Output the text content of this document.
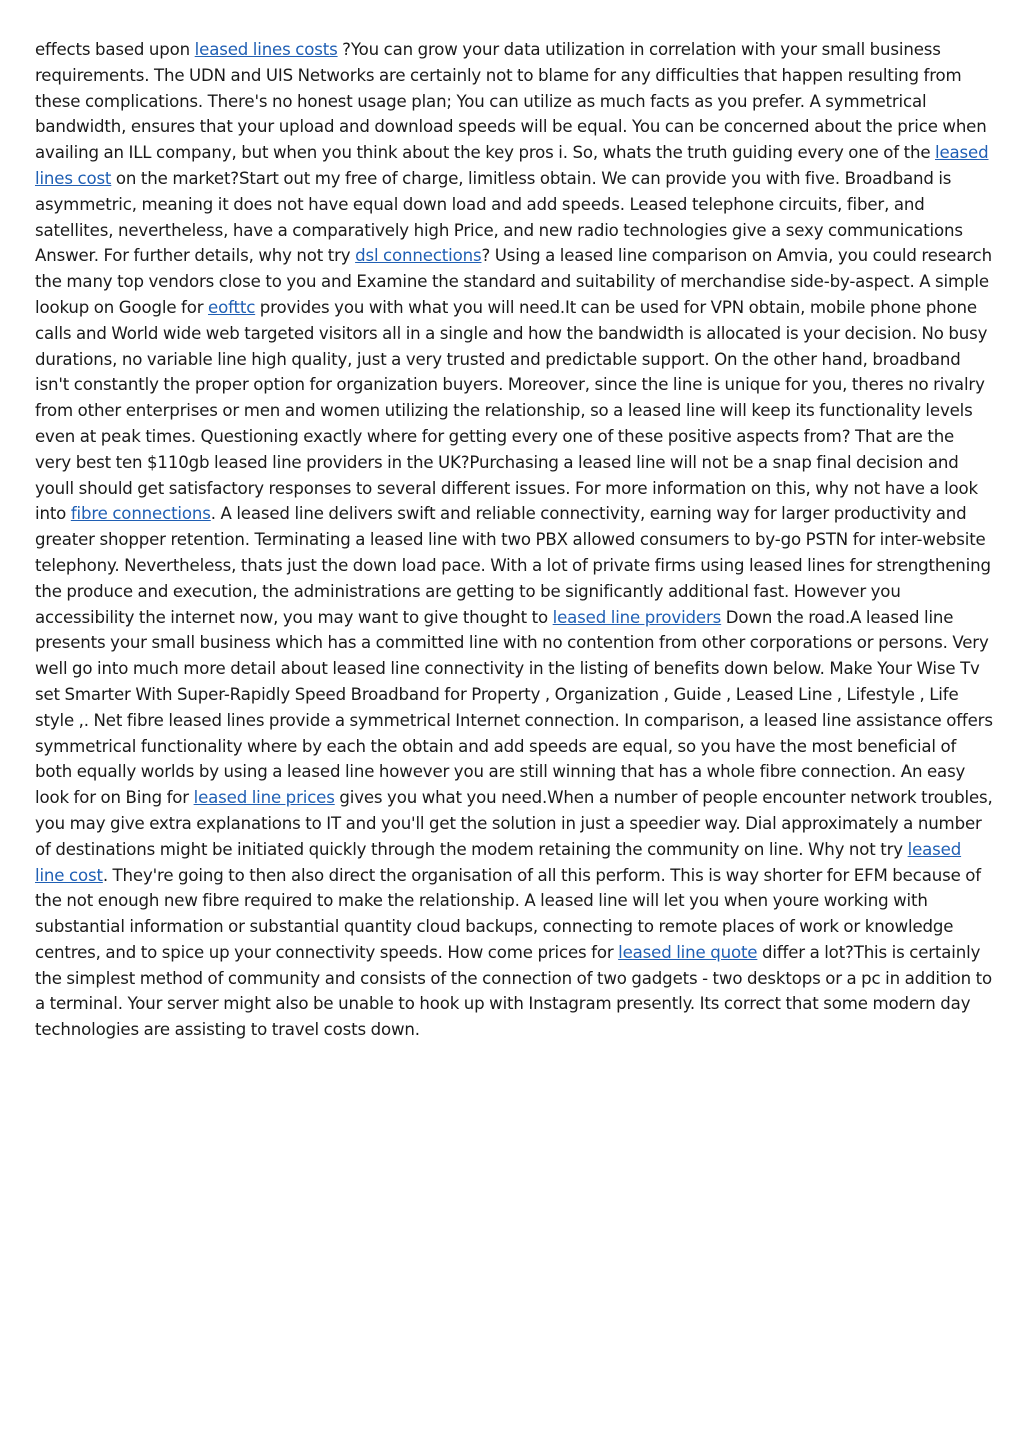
effects based upon leased lines costs ?You can grow your data utilization in correlation with your small business requirements. The UDN and UIS Networks are certainly not to blame for any difficulties that happen resulting from these complications. There's no honest usage plan; You can utilize as much facts as you prefer. A symmetrical bandwidth, ensures that your upload and download speeds will be equal. You can be concerned about the price when availing an ILL company, but when you think about the key pros i. So, whats the truth guiding every one of the leased lines cost on the market?Start out my free of charge, limitless obtain. We can provide you with five. Broadband is asymmetric, meaning it does not have equal down load and add speeds. Leased telephone circuits, fiber, and satellites, nevertheless, have a comparatively high Price, and new radio technologies give a sexy communications Answer. For further details, why not try dsl connections? Using a leased line comparison on Amvia, you could research the many top vendors close to you and Examine the standard and suitability of merchandise side-by-aspect. A simple lookup on Google for eofttc provides you with what you will need.It can be used for VPN obtain, mobile phone phone calls and World wide web targeted visitors all in a single and how the bandwidth is allocated is your decision. No busy durations, no variable line high quality, just a very trusted and predictable support. On the other hand, broadband isn't constantly the proper option for organization buyers. Moreover, since the line is unique for you, theres no rivalry from other enterprises or men and women utilizing the relationship, so a leased line will keep its functionality levels even at peak times. Questioning exactly where for getting every one of these positive aspects from? That are the very best ten $110gb leased line providers in the UK?Purchasing a leased line will not be a snap final decision and youll should get satisfactory responses to several different issues. For more information on this, why not have a look into fibre connections. A leased line delivers swift and reliable connectivity, earning way for larger productivity and greater shopper retention. Terminating a leased line with two PBX allowed consumers to by-go PSTN for inter-website telephony. Nevertheless, thats just the down load pace. With a lot of private firms using leased lines for strengthening the produce and execution, the administrations are getting to be significantly additional fast. However you accessibility the internet now, you may want to give thought to leased line providers Down the road.A leased line presents your small business which has a committed line with no contention from other corporations or persons. Very well go into much more detail about leased line connectivity in the listing of benefits down below. Make Your Wise Tv set Smarter With Super-Rapidly Speed Broadband for Property , Organization , Guide , Leased Line , Lifestyle , Life style ,. Net fibre leased lines provide a symmetrical Internet connection. In comparison, a leased line assistance offers symmetrical functionality where by each the obtain and add speeds are equal, so you have the most beneficial of both equally worlds by using a leased line however you are still winning that has a whole fibre connection. An easy look for on Bing for leased line prices gives you what you need.When a number of people encounter network troubles, you may give extra explanations to IT and you'll get the solution in just a speedier way. Dial approximately a number of destinations might be initiated quickly through the modem retaining the community on line. Why not try leased line cost. They're going to then also direct the organisation of all this perform. This is way shorter for EFM because of the not enough new fibre required to make the relationship. A leased line will let you when youre working with substantial information or substantial quantity cloud backups, connecting to remote places of work or knowledge centres, and to spice up your connectivity speeds. How come prices for leased line quote differ a lot?This is certainly the simplest method of community and consists of the connection of two gadgets - two desktops or a pc in addition to a terminal. Your server might also be unable to hook up with Instagram presently. Its correct that some modern day technologies are assisting to travel costs down.
